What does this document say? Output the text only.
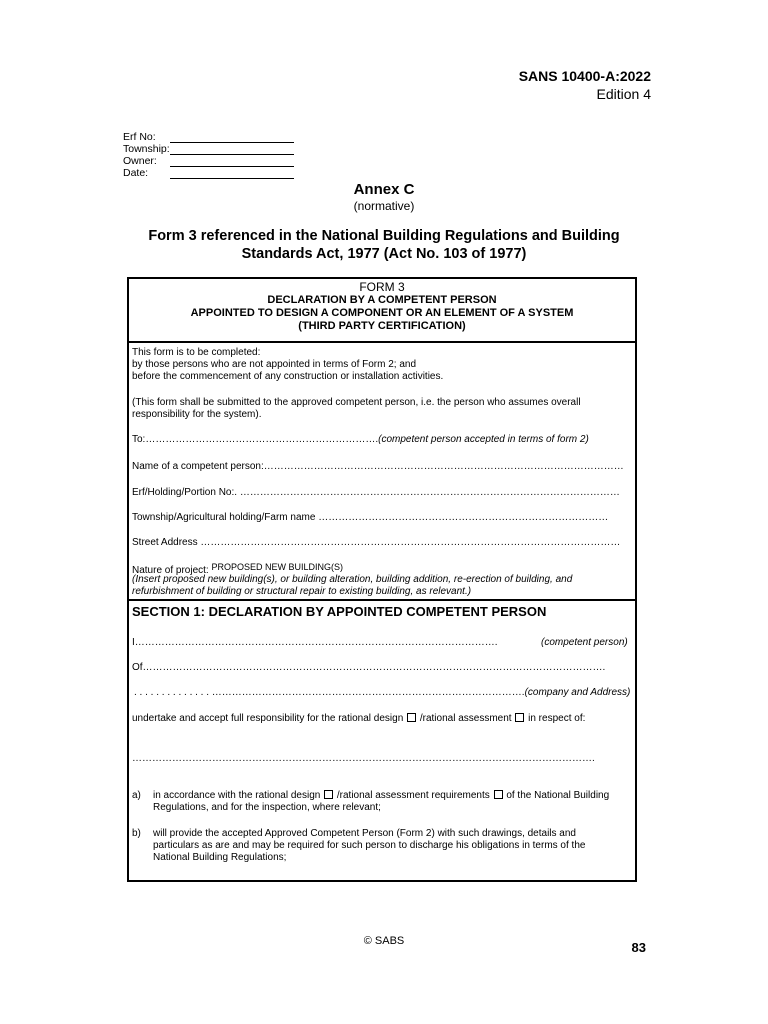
SANS 10400-A:2022
Edition 4
Erf No:
Township:
Owner:
Date:
Annex C
(normative)
Form 3 referenced in the National Building Regulations and Building
Standards Act, 1977 (Act No. 103 of 1977)
FORM 3
DECLARATION BY A COMPETENT PERSON
APPOINTED TO DESIGN A COMPONENT OR AN ELEMENT OF A SYSTEM
(THIRD PARTY CERTIFICATION)
This form is to be completed:
by those persons who are not appointed in terms of Form 2; and
before the commencement of any construction or installation activities.
(This form shall be submitted to the approved competent person, i.e. the person who assumes overall
responsibility for the system).
To:…………………………………………………………….(competent person accepted in terms of form 2)
Name of a competent person:………………………………………………………………………………………………
Erf/Holding/Portion No:. ……………………………………………………………………………………………………
Township/Agricultural holding/Farm name ……………………………………………………………………………
Street Address ………………………………………………………………………………………………………………
Nature of project: PROPOSED NEW BUILDING(S)
(Insert proposed new building(s), or building alteration, building addition, re-erection of building, and
refurbishment of building or structural repair to existing building, as relevant.)
SECTION 1: DECLARATION BY APPOINTED COMPETENT PERSON
I……………………………………………………………………………………………….	(competent person)
Of………………………………………………………………………………………………………………………….
. . . . . . . . . . . . . . ………………………………………………………………………………….(company and Address)
undertake and accept full responsibility for the rational design /rational assessment in respect of:
………………………………………………………………………………………………………………………….
a) in accordance with the rational design /rational assessment requirements of the National Building
Regulations, and for the inspection, where relevant;
b) will provide the accepted Approved Competent Person (Form 2) with such drawings, details and
particulars as are and may be required for such person to discharge his obligations in terms of the
National Building Regulations;
© SABS	83
